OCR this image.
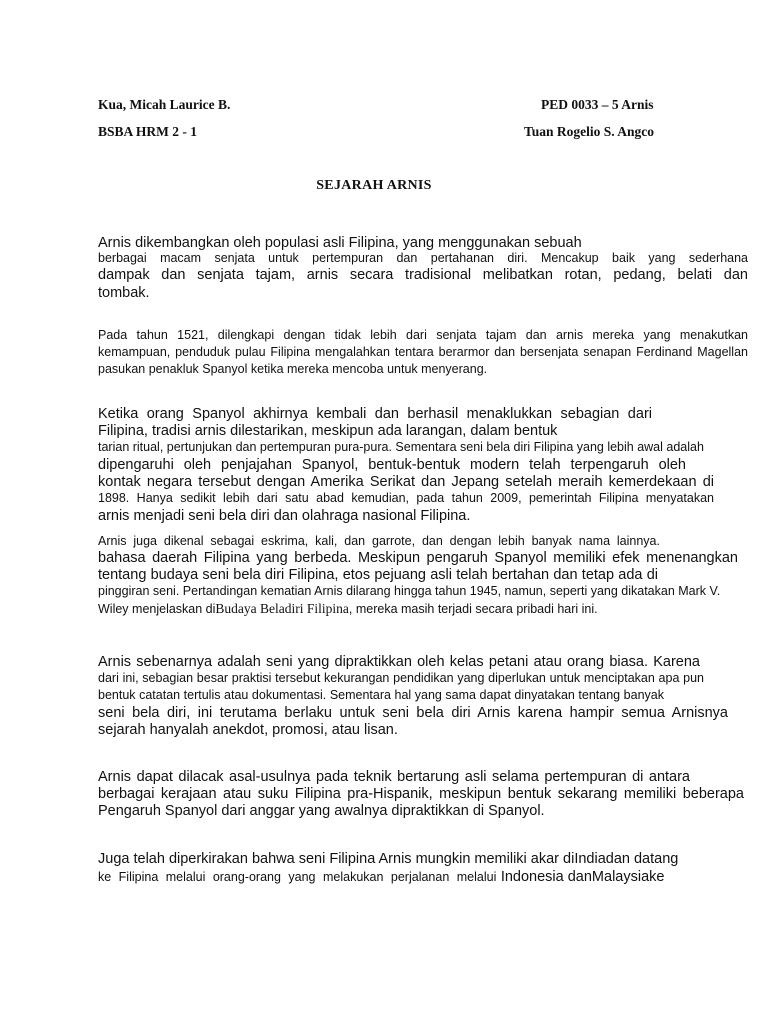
Kua, Micah Laurice B.
BSBA HRM 2 - 1
PED 0033 – 5 Arnis
Tuan Rogelio S. Angco
SEJARAH ARNIS
Arnis dikembangkan oleh populasi asli Filipina, yang menggunakan sebuah
berbagai macam senjata untuk pertempuran dan pertahanan diri. Mencakup baik yang sederhana
dampak dan senjata tajam, arnis secara tradisional melibatkan rotan, pedang, belati dan
tombak.
Pada tahun 1521, dilengkapi dengan tidak lebih dari senjata tajam dan arnis mereka yang menakutkan
kemampuan, penduduk pulau Filipina mengalahkan tentara berarmor dan bersenjata senapan Ferdinand Magellan
pasukan penakluk Spanyol ketika mereka mencoba untuk menyerang.
Ketika orang Spanyol akhirnya kembali dan berhasil menaklukkan sebagian dari
Filipina, tradisi arnis dilestarikan, meskipun ada larangan, dalam bentuk
tarian ritual, pertunjukan dan pertempuran pura-pura. Sementara seni bela diri Filipina yang lebih awal adalah
dipengaruhi oleh penjajahan Spanyol, bentuk-bentuk modern telah terpengaruh oleh
kontak negara tersebut dengan Amerika Serikat dan Jepang setelah meraih kemerdekaan di
1898. Hanya sedikit lebih dari satu abad kemudian, pada tahun 2009, pemerintah Filipina menyatakan
arnis menjadi seni bela diri dan olahraga nasional Filipina.
Arnis juga dikenal sebagai eskrima, kali, dan garrote, dan dengan lebih banyak nama lainnya.
bahasa daerah Filipina yang berbeda. Meskipun pengaruh Spanyol memiliki efek menenangkan
tentang budaya seni bela diri Filipina, etos pejuang asli telah bertahan dan tetap ada di
pinggiran seni. Pertandingan kematian Arnis dilarang hingga tahun 1945, namun, seperti yang dikatakan Mark V.
Wiley menjelaskan diBudaya Beladiri Filipina, mereka masih terjadi secara pribadi hari ini.
Arnis sebenarnya adalah seni yang dipraktikkan oleh kelas petani atau orang biasa. Karena
dari ini, sebagian besar praktisi tersebut kekurangan pendidikan yang diperlukan untuk menciptakan apa pun
bentuk catatan tertulis atau dokumentasi. Sementara hal yang sama dapat dinyatakan tentang banyak
seni bela diri, ini terutama berlaku untuk seni bela diri Arnis karena hampir semua Arnisnya
sejarah hanyalah anekdot, promosi, atau lisan.
Arnis dapat dilacak asal-usulnya pada teknik bertarung asli selama pertempuran di antara
berbagai kerajaan atau suku Filipina pra-Hispanik, meskipun bentuk sekarang memiliki beberapa
Pengaruh Spanyol dari anggar yang awalnya dipraktikkan di Spanyol.
Juga telah diperkirakan bahwa seni Filipina Arnis mungkin memiliki akar diIndiadan datang
ke Filipina melalui orang-orang yang melakukan perjalanan melalui Indonesia danMalaysiake
